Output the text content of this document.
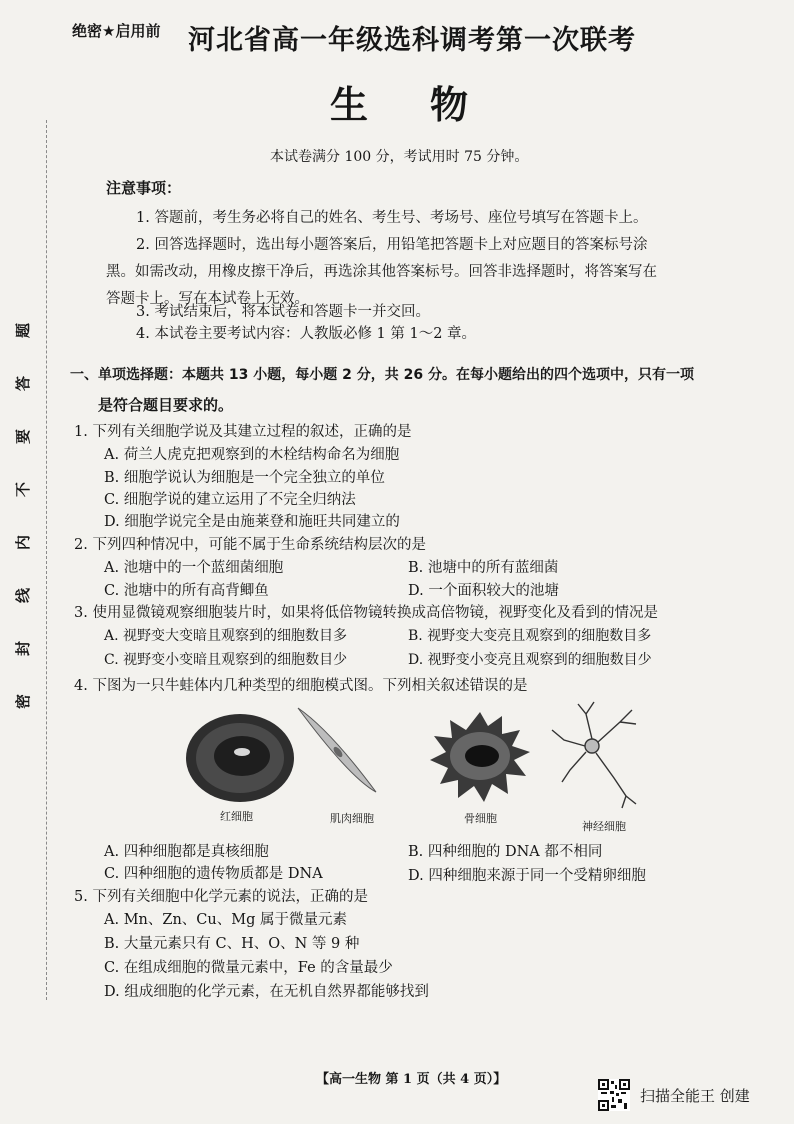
题
答
要
不
内
线
封
密
绝密★启用前 河北省高一年级选科调考第一次联考
生物
本试卷满分 100 分，考试用时 75 分钟。
注意事项：
1. 答题前，考生务必将自己的姓名、考生号、考场号、座位号填写在答题卡上。
2. 回答选择题时，选出每小题答案后，用铅笔把答题卡上对应题目的答案标号涂
黑。如需改动，用橡皮擦干净后，再选涂其他答案标号。回答非选择题时，将答案写在
答题卡上。写在本试卷上无效。
3. 考试结束后，将本试卷和答题卡一并交回。
4. 本试卷主要考试内容：人教版必修 1 第 1～2 章。
一、单项选择题：本题共 13 小题，每小题 2 分，共 26 分。在每小题给出的四个选项中，只有一项
是符合题目要求的。
1. 下列有关细胞学说及其建立过程的叙述，正确的是
A. 荷兰人虎克把观察到的木栓结构命名为细胞
B. 细胞学说认为细胞是一个完全独立的单位
C. 细胞学说的建立运用了不完全归纳法
D. 细胞学说完全是由施莱登和施旺共同建立的
2. 下列四种情况中，可能不属于生命系统结构层次的是
A. 池塘中的一个蓝细菌细胞	B. 池塘中的所有蓝细菌
C. 池塘中的所有高背鲫鱼	D. 一个面积较大的池塘
3. 使用显微镜观察细胞装片时，如果将低倍物镜转换成高倍物镜，视野变化及看到的情况是
A. 视野变大变暗且观察到的细胞数目多	B. 视野变大变亮且观察到的细胞数目多
C. 视野变小变暗且观察到的细胞数目少	D. 视野变小变亮且观察到的细胞数目少
4. 下图为一只牛蛙体内几种类型的细胞模式图。下列相关叙述错误的是
红细胞	肌肉细胞	骨细胞
神经细胞
A. 四种细胞都是真核细胞	B. 四种细胞的 DNA 都不相同
C. 四种细胞的遗传物质都是 DNA	D. 四种细胞来源于同一个受精卵细胞
5. 下列有关细胞中化学元素的说法，正确的是
A. Mn、Zn、Cu、Mg 属于微量元素
B. 大量元素只有 C、H、O、N 等 9 种
C. 在组成细胞的微量元素中，Fe 的含量最少
D. 组成细胞的化学元素，在无机自然界都能够找到
【高一生物 第 1 页（共 4 页）】
扫描全能王 创建
